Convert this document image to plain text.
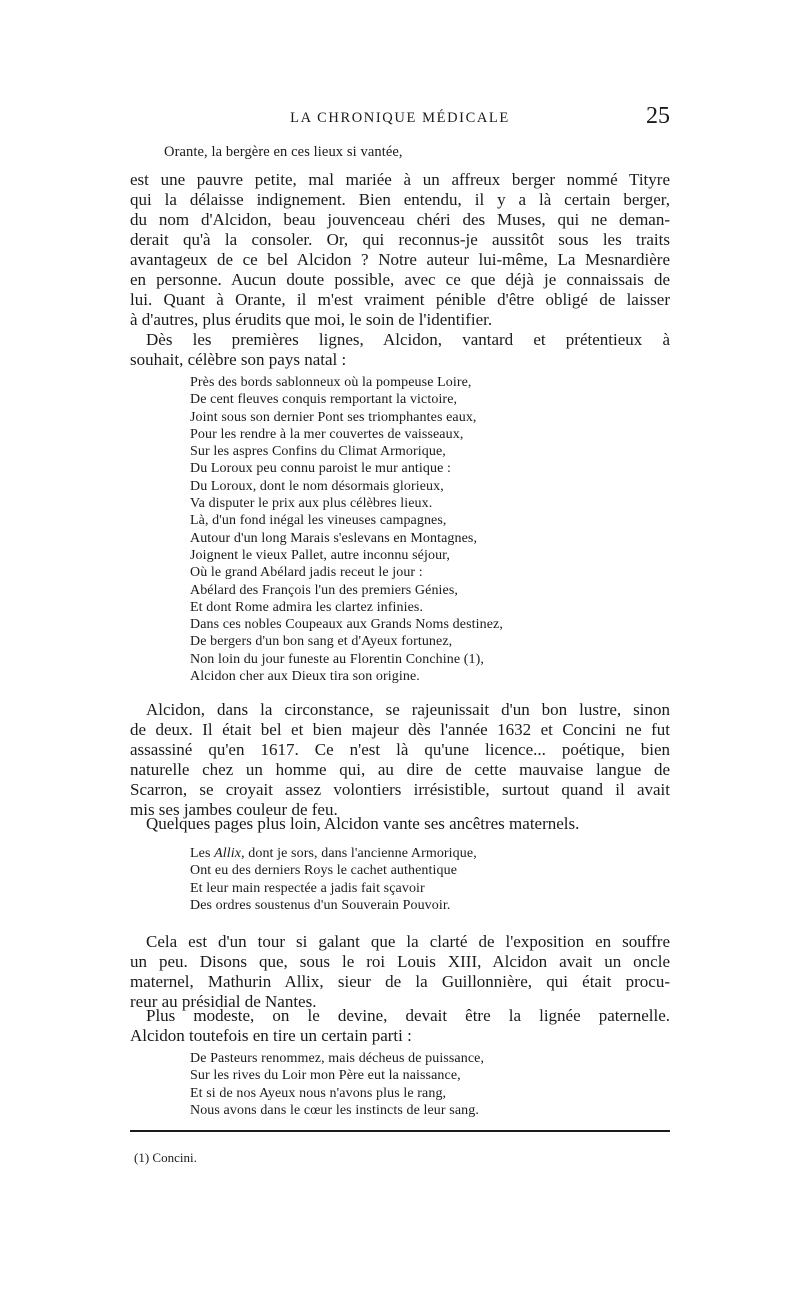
LA CHRONIQUE MÉDICALE	25
Orante, la bergère en ces lieux si vantée,
est une pauvre petite, mal mariée à un affreux berger nommé Tityre
qui la délaisse indignement. Bien entendu, il y a là certain berger,
du nom d'Alcidon, beau jouvenceau chéri des Muses, qui ne deman-
derait qu'à la consoler. Or, qui reconnus-je aussitôt sous les traits
avantageux de ce bel Alcidon ? Notre auteur lui-même, La Mesnardière
en personne. Aucun doute possible, avec ce que déjà je connaissais de
lui. Quant à Orante, il m'est vraiment pénible d'être obligé de laisser
à d'autres, plus érudits que moi, le soin de l'identifier.
Dès les premières lignes, Alcidon, vantard et prétentieux à
souhait, célèbre son pays natal :
Près des bords sablonneux où la pompeuse Loire,
De cent fleuves conquis remportant la victoire,
Joint sous son dernier Pont ses triomphantes eaux,
Pour les rendre à la mer couvertes de vaisseaux,
Sur les aspres Confins du Climat Armorique,
Du Loroux peu connu paroist le mur antique :
Du Loroux, dont le nom désormais glorieux,
Va disputer le prix aux plus célèbres lieux.
Là, d'un fond inégal les vineuses campagnes,
Autour d'un long Marais s'eslevans en Montagnes,
Joignent le vieux Pallet, autre inconnu séjour,
Où le grand Abélard jadis receut le jour :
Abélard des François l'un des premiers Génies,
Et dont Rome admira les clartez infinies.
Dans ces nobles Coupeaux aux Grands Noms destinez,
De bergers d'un bon sang et d'Ayeux fortunez,
Non loin du jour funeste au Florentin Conchine (1),
Alcidon cher aux Dieux tira son origine.
Alcidon, dans la circonstance, se rajeunissait d'un bon lustre, sinon
de deux. Il était bel et bien majeur dès l'année 1632 et Concini ne fut
assassiné qu'en 1617. Ce n'est là qu'une licence... poétique, bien
naturelle chez un homme qui, au dire de cette mauvaise langue de
Scarron, se croyait assez volontiers irrésistible, surtout quand il avait
mis ses jambes couleur de feu.
Quelques pages plus loin, Alcidon vante ses ancêtres maternels.
Les Allix, dont je sors, dans l'ancienne Armorique,
Ont eu des derniers Roys le cachet authentique
Et leur main respectée a jadis fait sçavoir
Des ordres soustenus d'un Souverain Pouvoir.
Cela est d'un tour si galant que la clarté de l'exposition en souffre
un peu. Disons que, sous le roi Louis XIII, Alcidon avait un oncle
maternel, Mathurin Allix, sieur de la Guillonnière, qui était procu-
reur au présidial de Nantes.
Plus modeste, on le devine, devait être la lignée paternelle.
Alcidon toutefois en tire un certain parti :
De Pasteurs renommez, mais décheus de puissance,
Sur les rives du Loir mon Père eut la naissance,
Et si de nos Ayeux nous n'avons plus le rang,
Nous avons dans le cœur les instincts de leur sang.
(1) Concini.
